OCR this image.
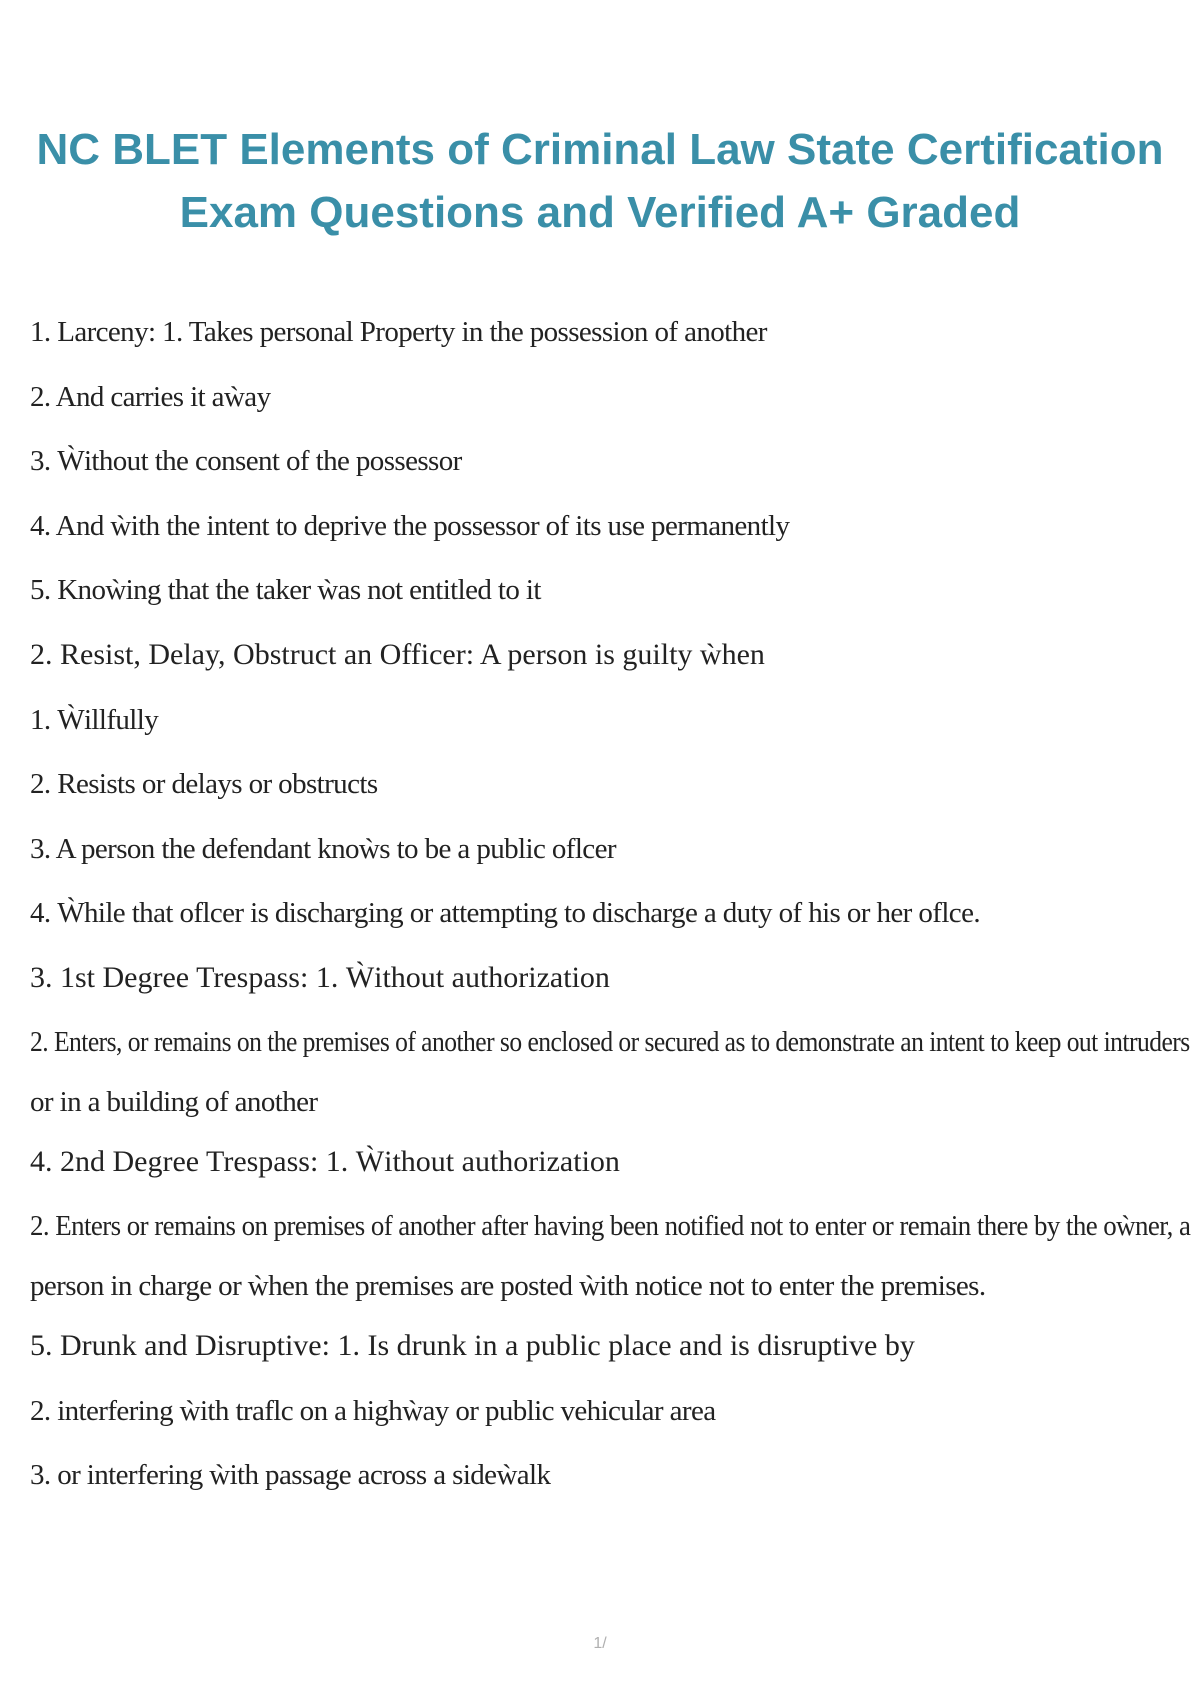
NC BLET Elements of Criminal Law State Certification
Exam Questions and Verified A+ Graded
1. Larceny: 1. Takes personal Property in the possession of another
2. And carries it aẁay
3. Ẁithout the consent of the possessor
4. And ẁith the intent to deprive the possessor of its use permanently
5. Knoẁing that the taker ẁas not entitled to it
2. Resist, Delay, Obstruct an Officer: A person is guilty ẁhen
1. Ẁillfully
2. Resists or delays or obstructs
3. A person the defendant knoẁs to be a public oflcer
4. Ẁhile that oflcer is discharging or attempting to discharge a duty of his or her oflce.
3. 1st Degree Trespass: 1. Ẁithout authorization
2. Enters, or remains on the premises of another so enclosed or secured as to demonstrate an intent to keep out intruders
or in a building of another
4. 2nd Degree Trespass: 1. Ẁithout authorization
2. Enters or remains on premises of another after having been notified not to enter or remain there by the oẁner, a
person in charge or ẁhen the premises are posted ẁith notice not to enter the premises.
5. Drunk and Disruptive: 1. Is drunk in a public place and is disruptive by
2. interfering ẁith traflc on a highẁay or public vehicular area
3. or interfering ẁith passage across a sideẁalk
1/
